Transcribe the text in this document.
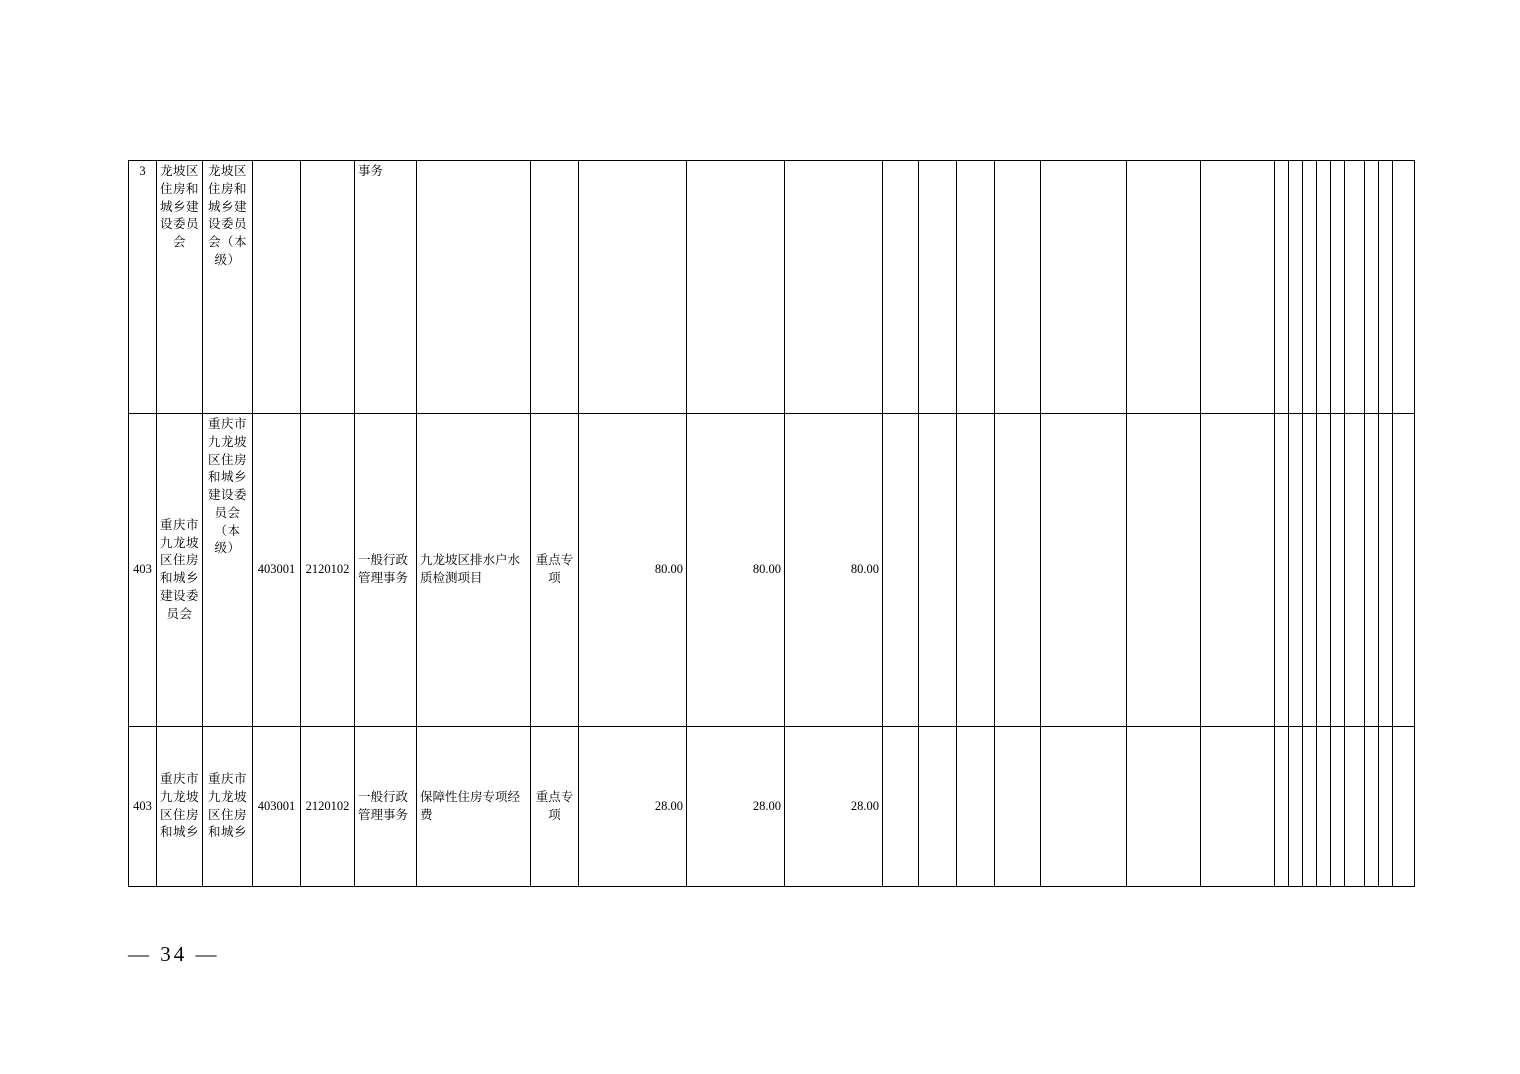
3	龙坡区住房和城乡建设委员会	龙坡区住房和城乡建设委员会（本级）			事务																					
403	重庆市九龙坡区住房和城乡建设委员会	重庆市九龙坡区住房和城乡建设委员会（本级）	403001	2120102	一般行政管理事务	九龙坡区排水户水质检测项目	重点专项	80.00	80.00	80.00																
403	重庆市九龙坡区住房和城乡	重庆市九龙坡区住房和城乡	403001	2120102	一般行政管理事务	保障性住房专项经费	重点专项	28.00	28.00	28.00																
— 34 —
